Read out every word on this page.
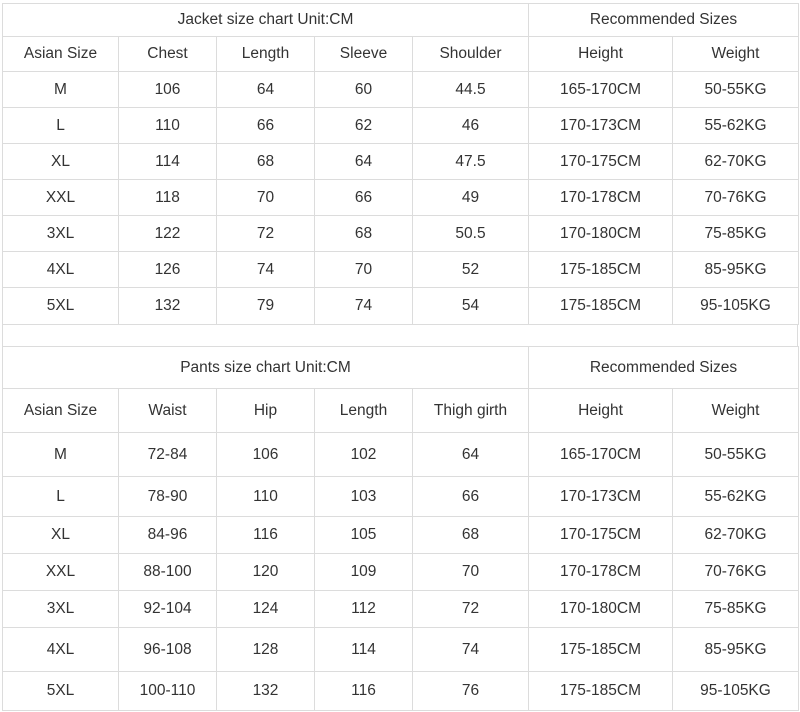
Jacket size chart Unit:CM					Recommended Sizes	
Asian Size	Chest	Length	Sleeve	Shoulder	Height	Weight
M	106	64	60	44.5	165-170CM	50-55KG
L	110	66	62	46	170-173CM	55-62KG
XL	114	68	64	47.5	170-175CM	62-70KG
XXL	118	70	66	49	170-178CM	70-76KG
3XL	122	72	68	50.5	170-180CM	75-85KG
4XL	126	74	70	52	175-185CM	85-95KG
5XL	132	79	74	54	175-185CM	95-105KG
Pants size chart Unit:CM					Recommended Sizes	
Asian Size	Waist	Hip	Length	Thigh girth	Height	Weight
M	72-84	106	102	64	165-170CM	50-55KG
L	78-90	110	103	66	170-173CM	55-62KG
XL	84-96	116	105	68	170-175CM	62-70KG
XXL	88-100	120	109	70	170-178CM	70-76KG
3XL	92-104	124	112	72	170-180CM	75-85KG
4XL	96-108	128	114	74	175-185CM	85-95KG
5XL	100-110	132	116	76	175-185CM	95-105KG
